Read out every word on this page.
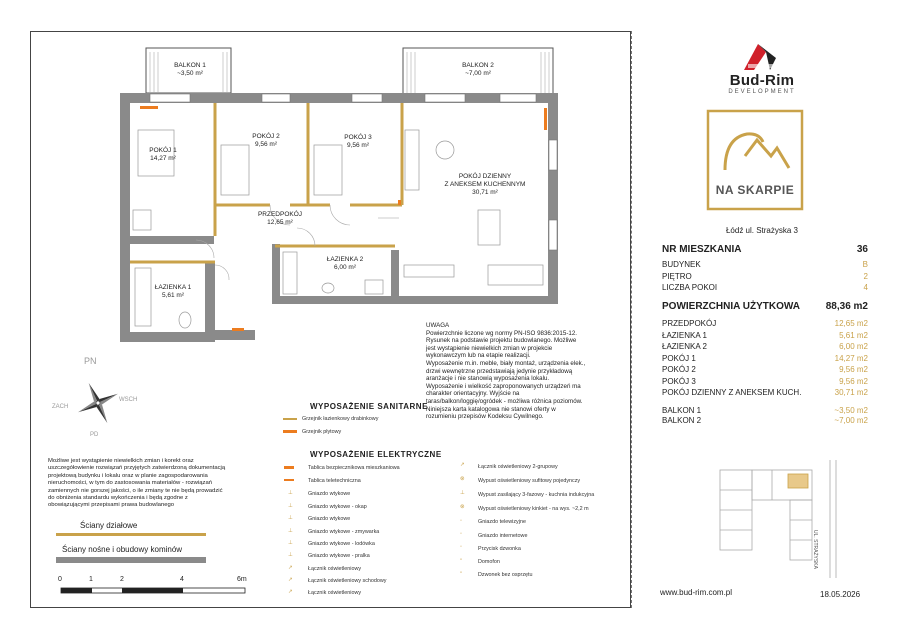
BALKON 1
~3,50 m²
BALKON 2
~7,00 m²
POKÓJ 1
14,27 m²
POKÓJ 2
9,56 m²
POKÓJ 3
9,56 m²
POKÓJ DZIENNY
Z ANEKSEM KUCHENNYM
30,71 m²
PRZEDPOKÓJ
12,65 m²
ŁAZIENKA 2
6,00 m²
ŁAZIENKA 1
5,61 m²
PN
PD
ZACH
WSCH
UWAGA
Powierzchnie liczone wg normy PN-ISO 9836:2015-12.
Rysunek na podstawie projektu budowlanego. Możliwe
jest wystąpienie niewielkich zmian w projekcie
wykonawczym lub na etapie realizacji.
Wyposażenie m.in. meble, biały montaż, urządzenia elek.,
drzwi wewnętrzne przedstawiają jedynie przykładową
aranżacje i nie stanowią wyposażenia lokalu.
Wyposażenie i wielkość zaproponowanych urządzeń ma
charakter orientacyjny. Wyjście na
taras/balkon/loggię/ogródek - możliwa różnica poziomów.
Niniejsza karta katalogowa nie stanowi oferty w
rozumieniu przepisów Kodeksu Cywilnego.
Możliwe jest wystąpienie niewielkich zmian i korekt oraz
uszczegółowienie rozwiązań przyjętych zatwierdzoną dokumentacją
projektową budynku i lokalu oraz w planie zagospodarowania
nieruchomości, w tym do zastosowania materiałów - rozwiązań
zamiennych nie gorszej jakości, o ile zmiany te nie będą prowadzić
do obniżenia standardu wykończenia i będą zgodne z
obowiązującymi przepisami prawa budowlanego
Ściany działowe
Ściany nośne i obudowy kominów
0	1	2	4	6m
WYPOSAŻENIE SANITARNE
Grzejnik łazienkowy drabinkowy
Grzejnik płytowy
WYPOSAŻENIE ELEKTRYCZNE
Tablica bezpiecznikowa mieszkaniowa
Tablica teletechniczna
⊥	Gniazdo wtykowe
⊥	Gniazdo wtykowe - okap
⊥	Gniazdo wtykowe
⊥	Gniazdo wtykowe - zmywarka
⊥	Gniazdo wtykowe - lodówka
⊥	Gniazdo wtykowe - pralka
↗	Łącznik oświetleniowy
↗	Łącznik oświetleniowy schodowy
↗	Łącznik oświetleniowy
↗ Łącznik oświetleniowy 2-grupowy
⊗ Wypust oświetleniowy sufitowy pojedynczy
⊥ Wypust zasilający 3-fazowy - kuchnia indukcyjna
⊗ Wypust oświetleniowy kinkiet - na wys. ~2,2 m
◦	Gniazdo telewizyjne
◦	Gniazdo internetowe
◦	Przycisk dzwonka
▫	Domofon
▫	Dzwonek bez osprzętu
Bud-Rim
DEVELOPMENT
NA SKARPIE
Łódź ul. Strażyska 3
NR MIESZKANIA	36
BUDYNEK	B
PIĘTRO	2
LICZBA POKOI	4
POWIERZCHNIA UŻYTKOWA	88,36 m2
PRZEDPOKÓJ	12,65 m2
ŁAZIENKA 1	5,61 m2
ŁAZIENKA 2	6,00 m2
POKÓJ 1	14,27 m2
POKÓJ 2	9,56 m2
POKÓJ 3	9,56 m2
POKÓJ DZIENNY Z ANEKSEM KUCH.	30,71 m2
BALKON 1	~3,50 m2
BALKON 2	~7,00 m2
UL. STRAŻYSKA
www.bud-rim.com.pl	18.05.2026
